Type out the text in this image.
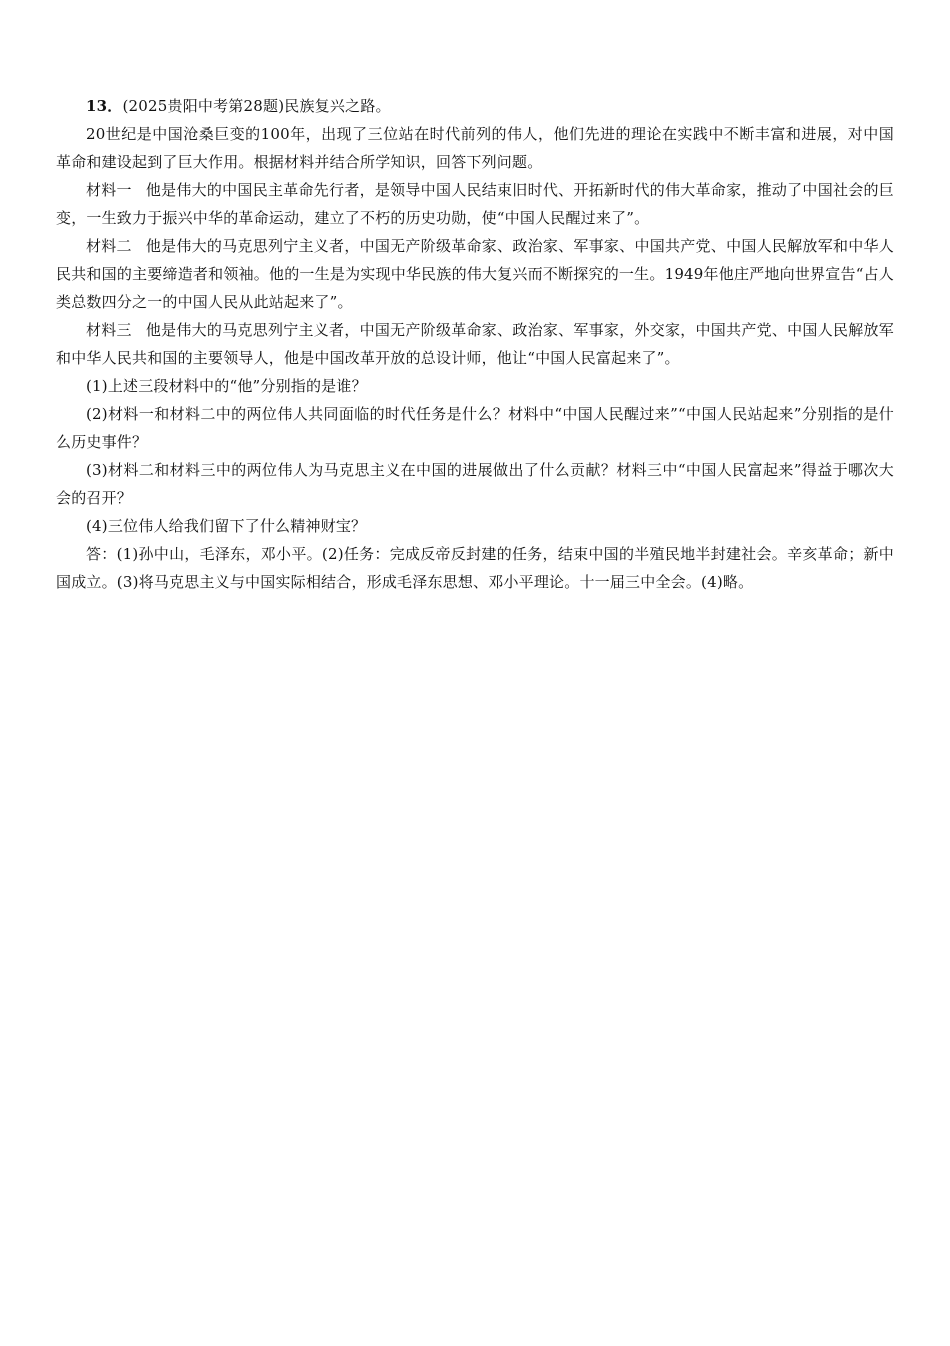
13．(2025贵阳中考第28题)民族复兴之路。

20世纪是中国沧桑巨变的100年，出现了三位站在时代前列的伟人，他们先进的理论在实践中不断丰富和进展，对中国革命和建设起到了巨大作用。根据材料并结合所学知识，回答下列问题。

材料一 他是伟大的中国民主革命先行者，是领导中国人民结束旧时代、开拓新时代的伟大革命家，推动了中国社会的巨变，一生致力于振兴中华的革命运动，建立了不朽的历史功勋，使“中国人民醒过来了”。

材料二 他是伟大的马克思列宁主义者，中国无产阶级革命家、政治家、军事家、中国共产党、中国人民解放军和中华人民共和国的主要缔造者和领袖。他的一生是为实现中华民族的伟大复兴而不断探究的一生。1949年他庄严地向世界宣告“占人类总数四分之一的中国人民从此站起来了”。

材料三 他是伟大的马克思列宁主义者，中国无产阶级革命家、政治家、军事家，外交家，中国共产党、中国人民解放军和中华人民共和国的主要领导人，他是中国改革开放的总设计师，他让“中国人民富起来了”。

(1)上述三段材料中的“他”分别指的是谁？

(2)材料一和材料二中的两位伟人共同面临的时代任务是什么？材料中“中国人民醒过来”“中国人民站起来”分别指的是什么历史事件？

(3)材料二和材料三中的两位伟人为马克思主义在中国的进展做出了什么贡献？材料三中“中国人民富起来”得益于哪次大会的召开？

(4)三位伟人给我们留下了什么精神财宝？

答：(1)孙中山，毛泽东，邓小平。(2)任务：完成反帝反封建的任务，结束中国的半殖民地半封建社会。辛亥革命；新中国成立。(3)将马克思主义与中国实际相结合，形成毛泽东思想、邓小平理论。十一届三中全会。(4)略。
